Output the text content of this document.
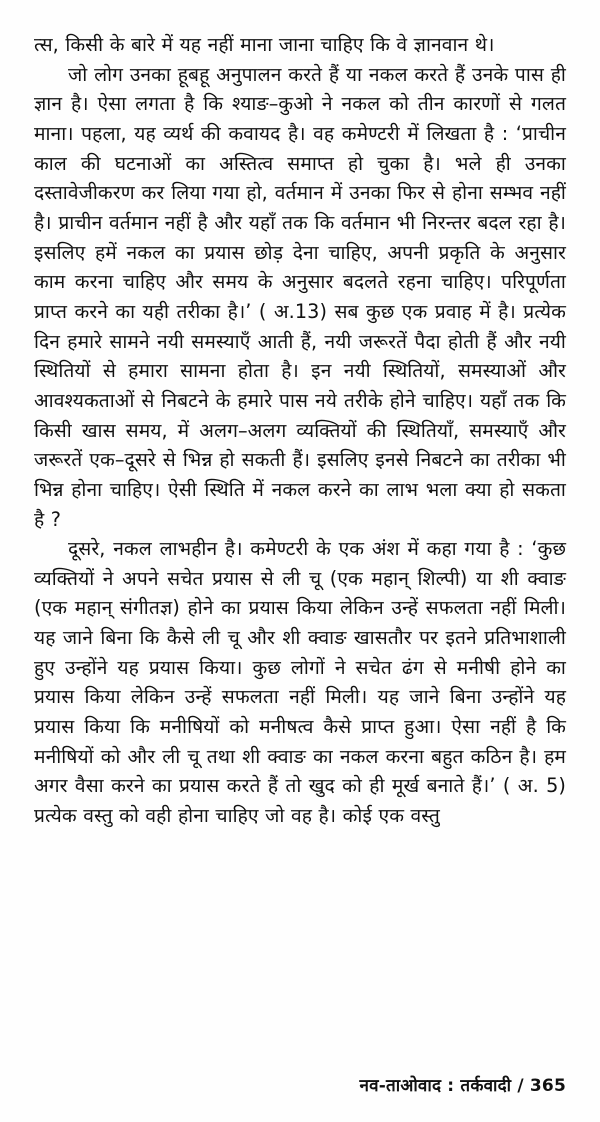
त्स, किसी के बारे में यह नहीं माना जाना चाहिए कि वे ज्ञानवान थे।

जो लोग उनका हूबहू अनुपालन करते हैं या नकल करते हैं उनके पास ही ज्ञान है। ऐसा लगता है कि श्याङ–कुओ ने नकल को तीन कारणों से गलत माना। पहला, यह व्यर्थ की कवायद है। वह कमेण्टरी में लिखता है : ‘प्राचीन काल की घटनाओं का अस्तित्व समाप्त हो चुका है। भले ही उनका दस्तावेजीकरण कर लिया गया हो, वर्तमान में उनका फिर से होना सम्भव नहीं है। प्राचीन वर्तमान नहीं है और यहाँ तक कि वर्तमान भी निरन्तर बदल रहा है। इसलिए हमें नकल का प्रयास छोड़ देना चाहिए, अपनी प्रकृति के अनुसार काम करना चाहिए और समय के अनुसार बदलते रहना चाहिए। परिपूर्णता प्राप्त करने का यही तरीका है।’ ( अ.13) सब कुछ एक प्रवाह में है। प्रत्येक दिन हमारे सामने नयी समस्याएँ आती हैं, नयी जरूरतें पैदा होती हैं और नयी स्थितियों से हमारा सामना होता है। इन नयी स्थितियों, समस्याओं और आवश्यकताओं से निबटने के हमारे पास नये तरीके होने चाहिए। यहाँ तक कि किसी खास समय, में अलग–अलग व्यक्तियों की स्थितियाँ, समस्याएँ और जरूरतें एक–दूसरे से भिन्न हो सकती हैं। इसलिए इनसे निबटने का तरीका भी भिन्न होना चाहिए। ऐसी स्थिति में नकल करने का लाभ भला क्या हो सकता है ?

दूसरे, नकल लाभहीन है। कमेण्टरी के एक अंश में कहा गया है : ‘कुछ व्यक्तियों ने अपने सचेत प्रयास से ली चू (एक महान् शिल्पी) या शी क्वाङ (एक महान् संगीतज्ञ) होने का प्रयास किया लेकिन उन्हें सफलता नहीं मिली। यह जाने बिना कि कैसे ली चू और शी क्वाङ खासतौर पर इतने प्रतिभाशाली हुए उन्होंने यह प्रयास किया। कुछ लोगों ने सचेत ढंग से मनीषी होने का प्रयास किया लेकिन उन्हें सफलता नहीं मिली। यह जाने बिना उन्होंने यह प्रयास किया कि मनीषियों को मनीषत्व कैसे प्राप्त हुआ। ऐसा नहीं है कि मनीषियों को और ली चू तथा शी क्वाङ का नकल करना बहुत कठिन है। हम अगर वैसा करने का प्रयास करते हैं तो खुद को ही मूर्ख बनाते हैं।’ ( अ. 5) प्रत्येक वस्तु को वही होना चाहिए जो वह है। कोई एक वस्तु

नव-ताओवाद : तर्कवादी / 365
